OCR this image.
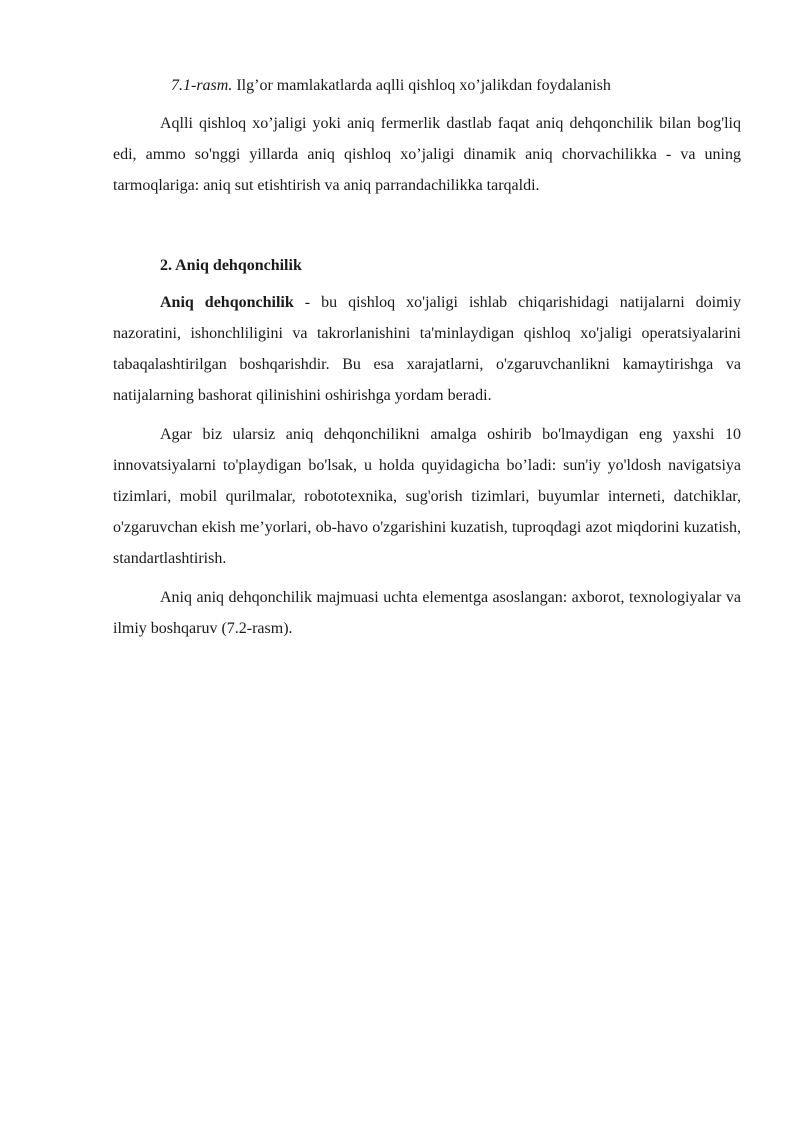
7.1-rasm. Ilg’or mamlakatlarda aqlli qishloq xo’jalikdan foydalanish

Aqlli qishloq xo’jaligi yoki aniq fermerlik dastlab faqat aniq dehqonchilik bilan bog'liq edi, ammo so'nggi yillarda aniq qishloq xo’jaligi dinamik aniq chorvachilikka - va uning tarmoqlariga: aniq sut etishtirish va aniq parrandachilikka tarqaldi.

2. Aniq dehqonchilik

Aniq dehqonchilik - bu qishloq xo'jaligi ishlab chiqarishidagi natijalarni doimiy nazoratini, ishonchliligini va takrorlanishini ta'minlaydigan qishloq xo'jaligi operatsiyalarini tabaqalashtirilgan boshqarishdir. Bu esa xarajatlarni, o'zgaruvchanlikni kamaytirishga va natijalarning bashorat qilinishini oshirishga yordam beradi.

Agar biz ularsiz aniq dehqonchilikni amalga oshirib bo'lmaydigan eng yaxshi 10 innovatsiyalarni to'playdigan bo'lsak, u holda quyidagicha bo’ladi: sun'iy yo'ldosh navigatsiya tizimlari, mobil qurilmalar, robototexnika, sug'orish tizimlari, buyumlar interneti, datchiklar, o'zgaruvchan ekish me’yorlari, ob-havo o'zgarishini kuzatish, tuproqdagi azot miqdorini kuzatish, standartlashtirish.

Aniq aniq dehqonchilik majmuasi uchta elementga asoslangan: axborot, texnologiyalar va ilmiy boshqaruv (7.2-rasm).
